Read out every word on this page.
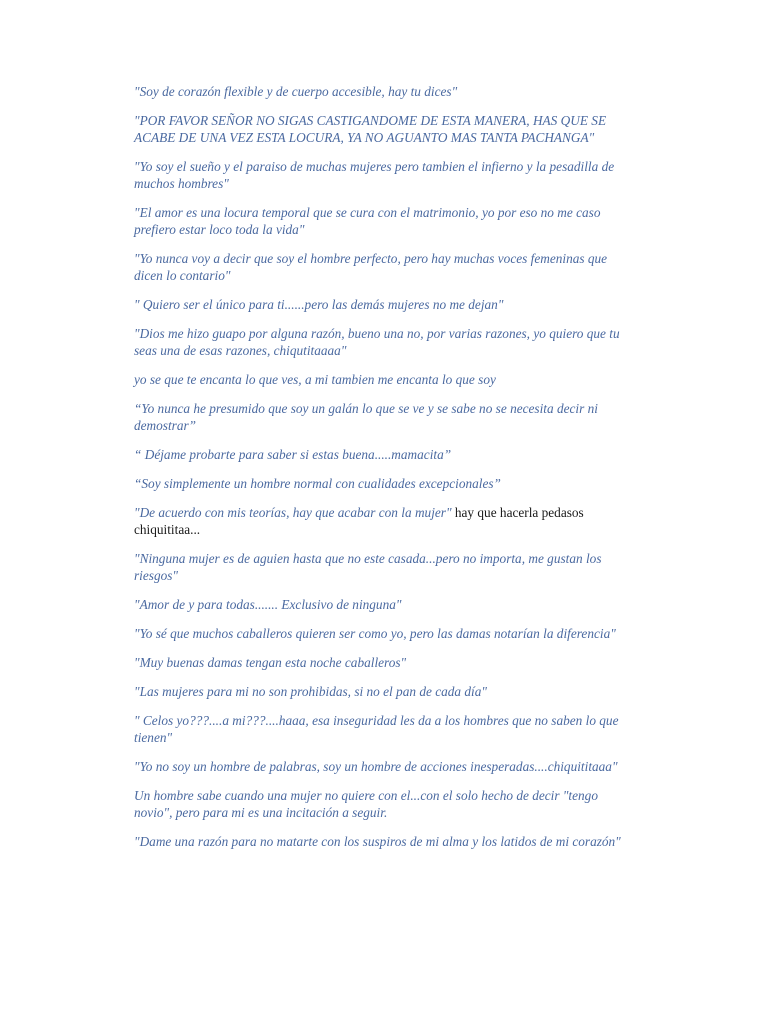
"Soy de corazón flexible y de cuerpo accesible, hay tu dices"

"POR FAVOR SEÑOR NO SIGAS CASTIGANDOME DE ESTA MANERA, HAS QUE SE ACABE DE UNA VEZ ESTA LOCURA, YA NO AGUANTO MAS TANTA PACHANGA"

"Yo soy el sueño y el paraiso de muchas mujeres pero tambien el infierno y la pesadilla de muchos hombres"

"El amor es una locura temporal que se cura con el matrimonio, yo por eso no me caso prefiero estar loco toda la vida"

"Yo nunca voy a decir que soy el hombre perfecto, pero hay muchas voces femeninas que dicen lo contario"

" Quiero ser el único para ti......pero las demás mujeres no me dejan"

"Dios me hizo guapo por alguna razón, bueno una no, por varias razones, yo quiero que tu seas una de esas razones, chiqutitaaaa"

yo se que te encanta lo que ves, a mi tambien me encanta lo que soy

“Yo nunca he presumido que soy un galán lo que se ve y se sabe no se necesita decir ni demostrar”

“ Déjame probarte para saber si estas buena.....mamacita”

“Soy simplemente un hombre normal con cualidades excepcionales”

"De acuerdo con mis teorías, hay que acabar con la mujer" hay que hacerla pedasos chiquititaa...

"Ninguna mujer es de aguien hasta que no este casada...pero no importa, me gustan los riesgos"

"Amor de y para todas....... Exclusivo de ninguna"

"Yo sé que muchos caballeros quieren ser como yo, pero las damas notarían la diferencia"

"Muy buenas damas tengan esta noche caballeros"

"Las mujeres para mi no son prohibidas, si no el pan de cada día"

" Celos yo???....a mi???....haaa, esa inseguridad les da a los hombres que no saben lo que tienen"

"Yo no soy un hombre de palabras, soy un hombre de acciones inesperadas....chiquititaaa"

Un hombre sabe cuando una mujer no quiere con el...con el solo hecho de decir "tengo novio", pero para mi es una incitación a seguir.

"Dame una razón para no matarte con los suspiros de mi alma y los latidos de mi corazón"
